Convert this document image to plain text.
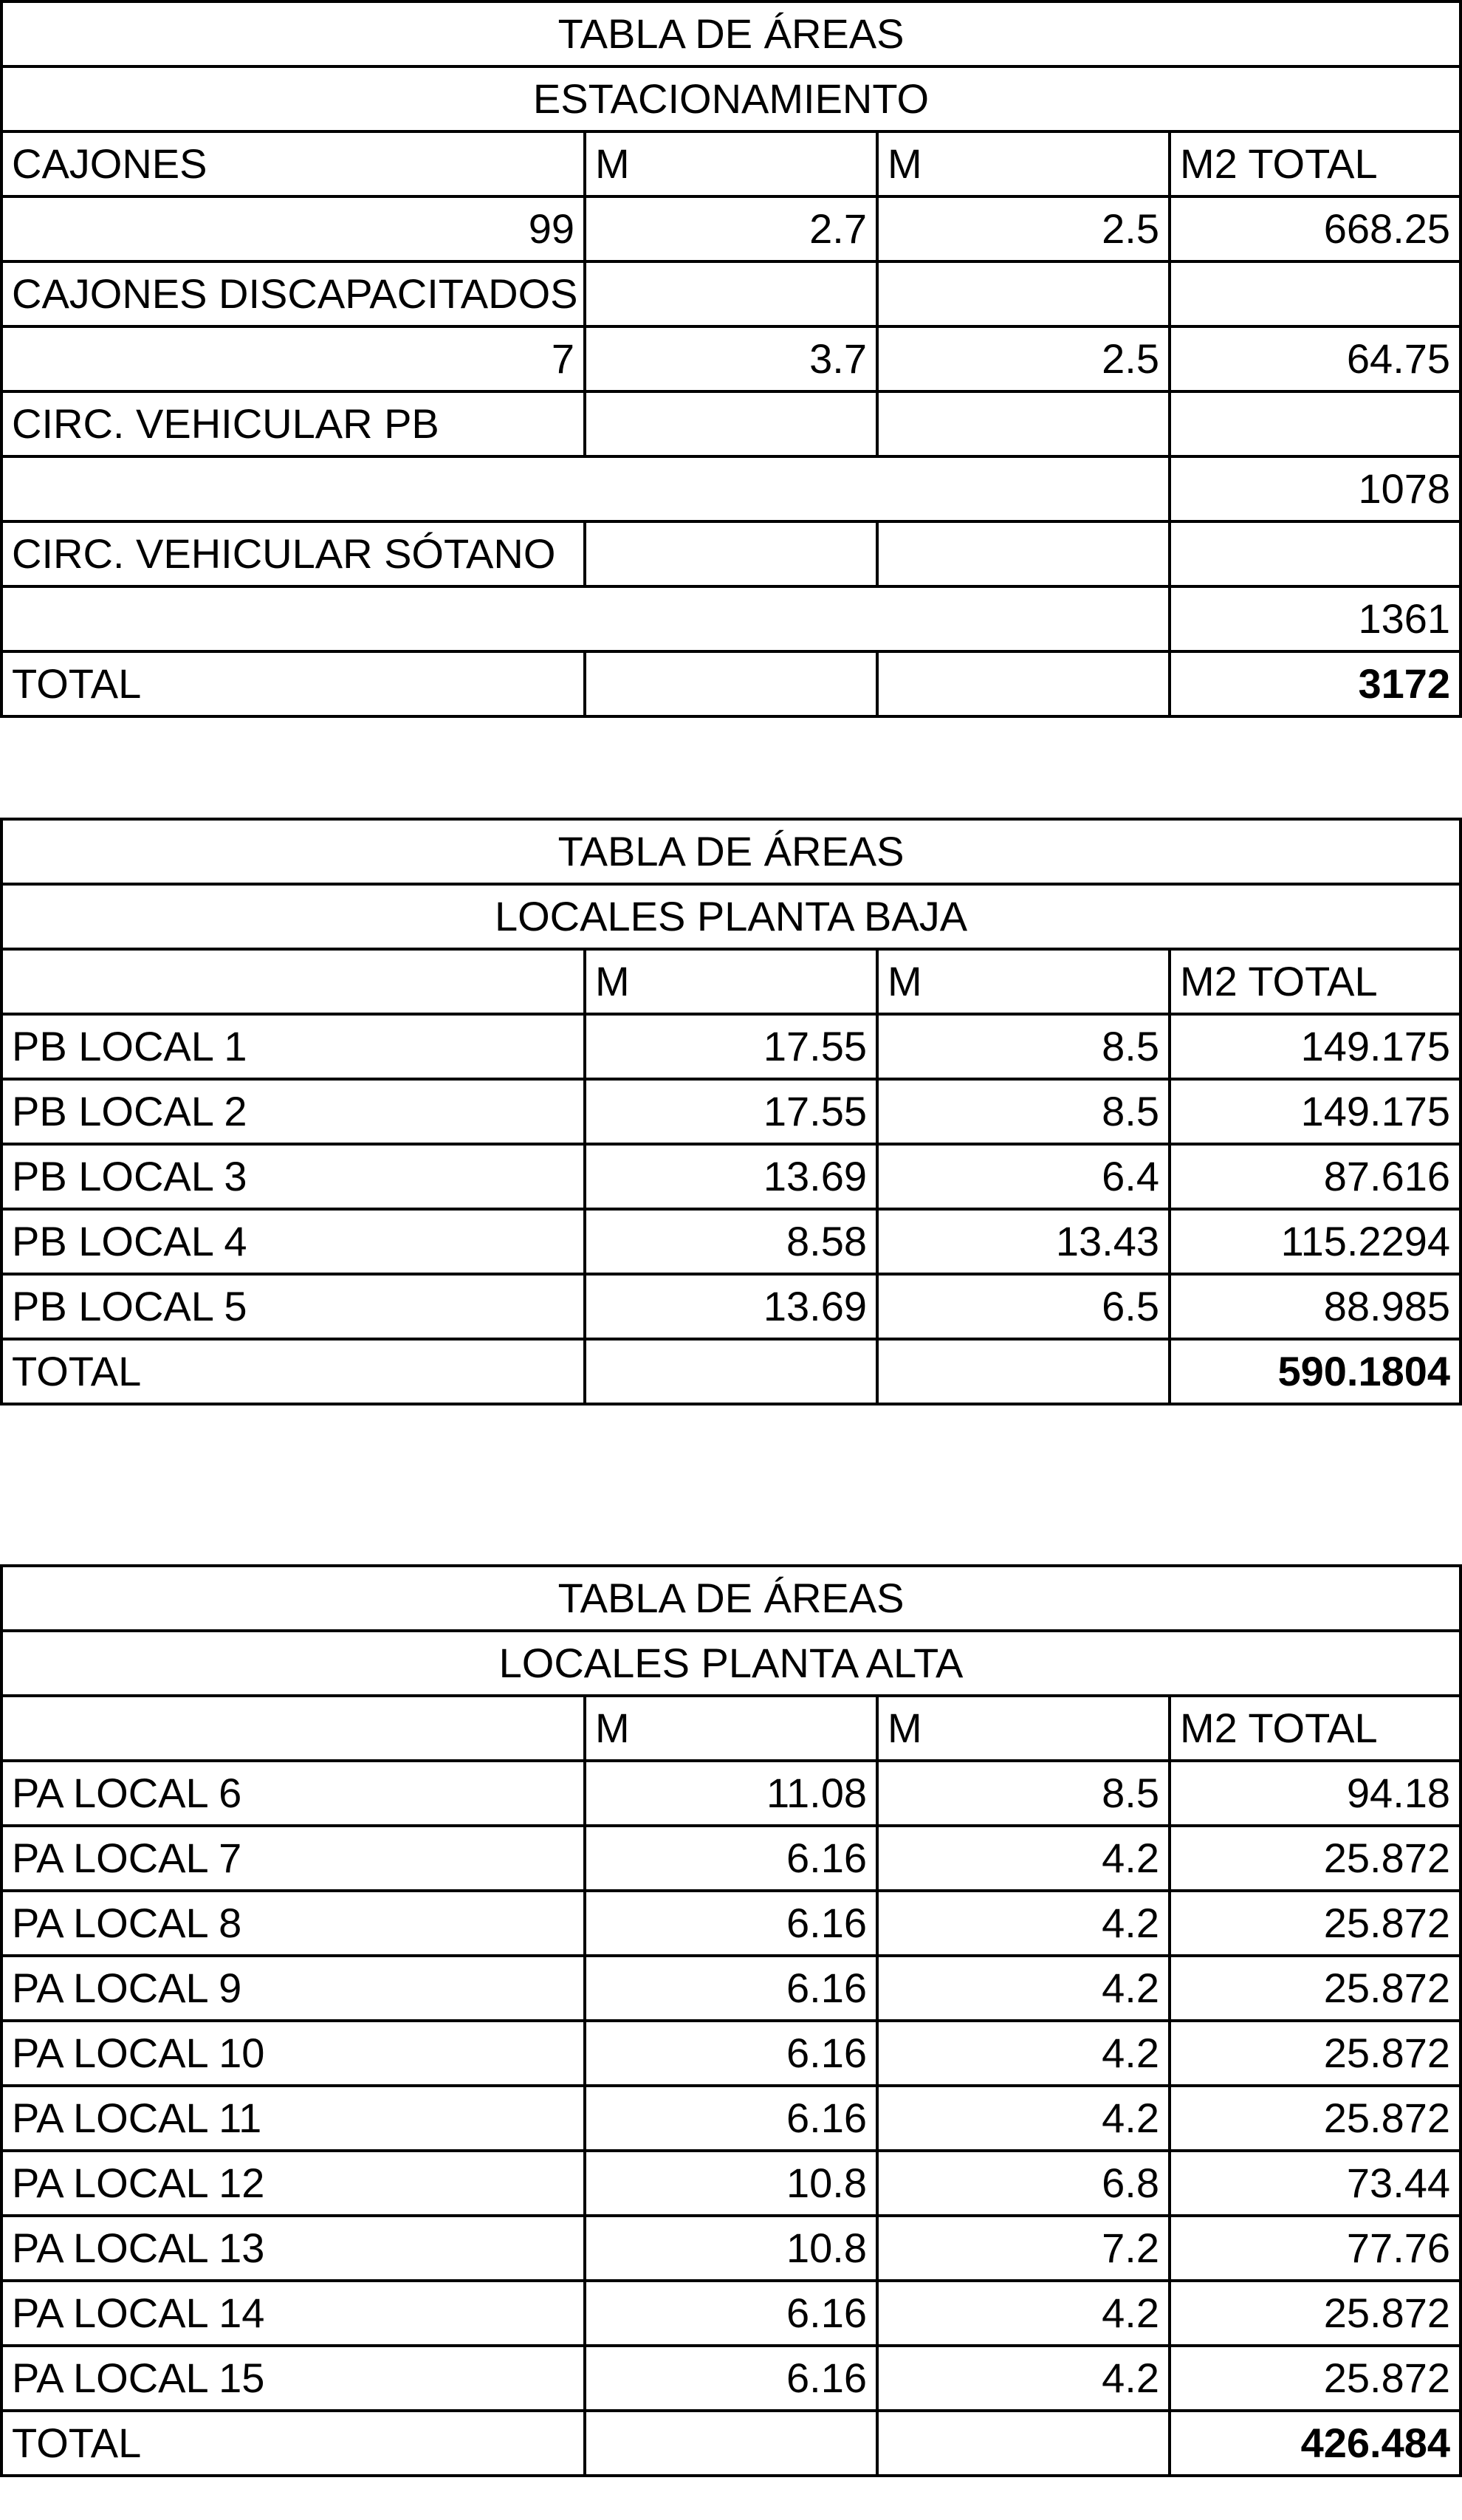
TABLA DE ÁREAS			
ESTACIONAMIENTO			
CAJONES	M	M	M2 TOTAL
99	2.7	2.5	668.25
CAJONES DISCAPACITADOS			
7	3.7	2.5	64.75
CIRC. VEHICULAR PB			
			1078
CIRC. VEHICULAR SÓTANO			
			1361
TOTAL			3172
TABLA DE ÁREAS			
LOCALES PLANTA BAJA			
	M	M	M2 TOTAL
PB LOCAL 1	17.55	8.5	149.175
PB LOCAL 2	17.55	8.5	149.175
PB LOCAL 3	13.69	6.4	87.616
PB LOCAL 4	8.58	13.43	115.2294
PB LOCAL 5	13.69	6.5	88.985
TOTAL			590.1804
TABLA DE ÁREAS			
LOCALES PLANTA ALTA			
	M	M	M2 TOTAL
PA LOCAL 6	11.08	8.5	94.18
PA LOCAL 7	6.16	4.2	25.872
PA LOCAL 8	6.16	4.2	25.872
PA LOCAL 9	6.16	4.2	25.872
PA LOCAL 10	6.16	4.2	25.872
PA LOCAL 11	6.16	4.2	25.872
PA LOCAL 12	10.8	6.8	73.44
PA LOCAL 13	10.8	7.2	77.76
PA LOCAL 14	6.16	4.2	25.872
PA LOCAL 15	6.16	4.2	25.872
TOTAL			426.484
